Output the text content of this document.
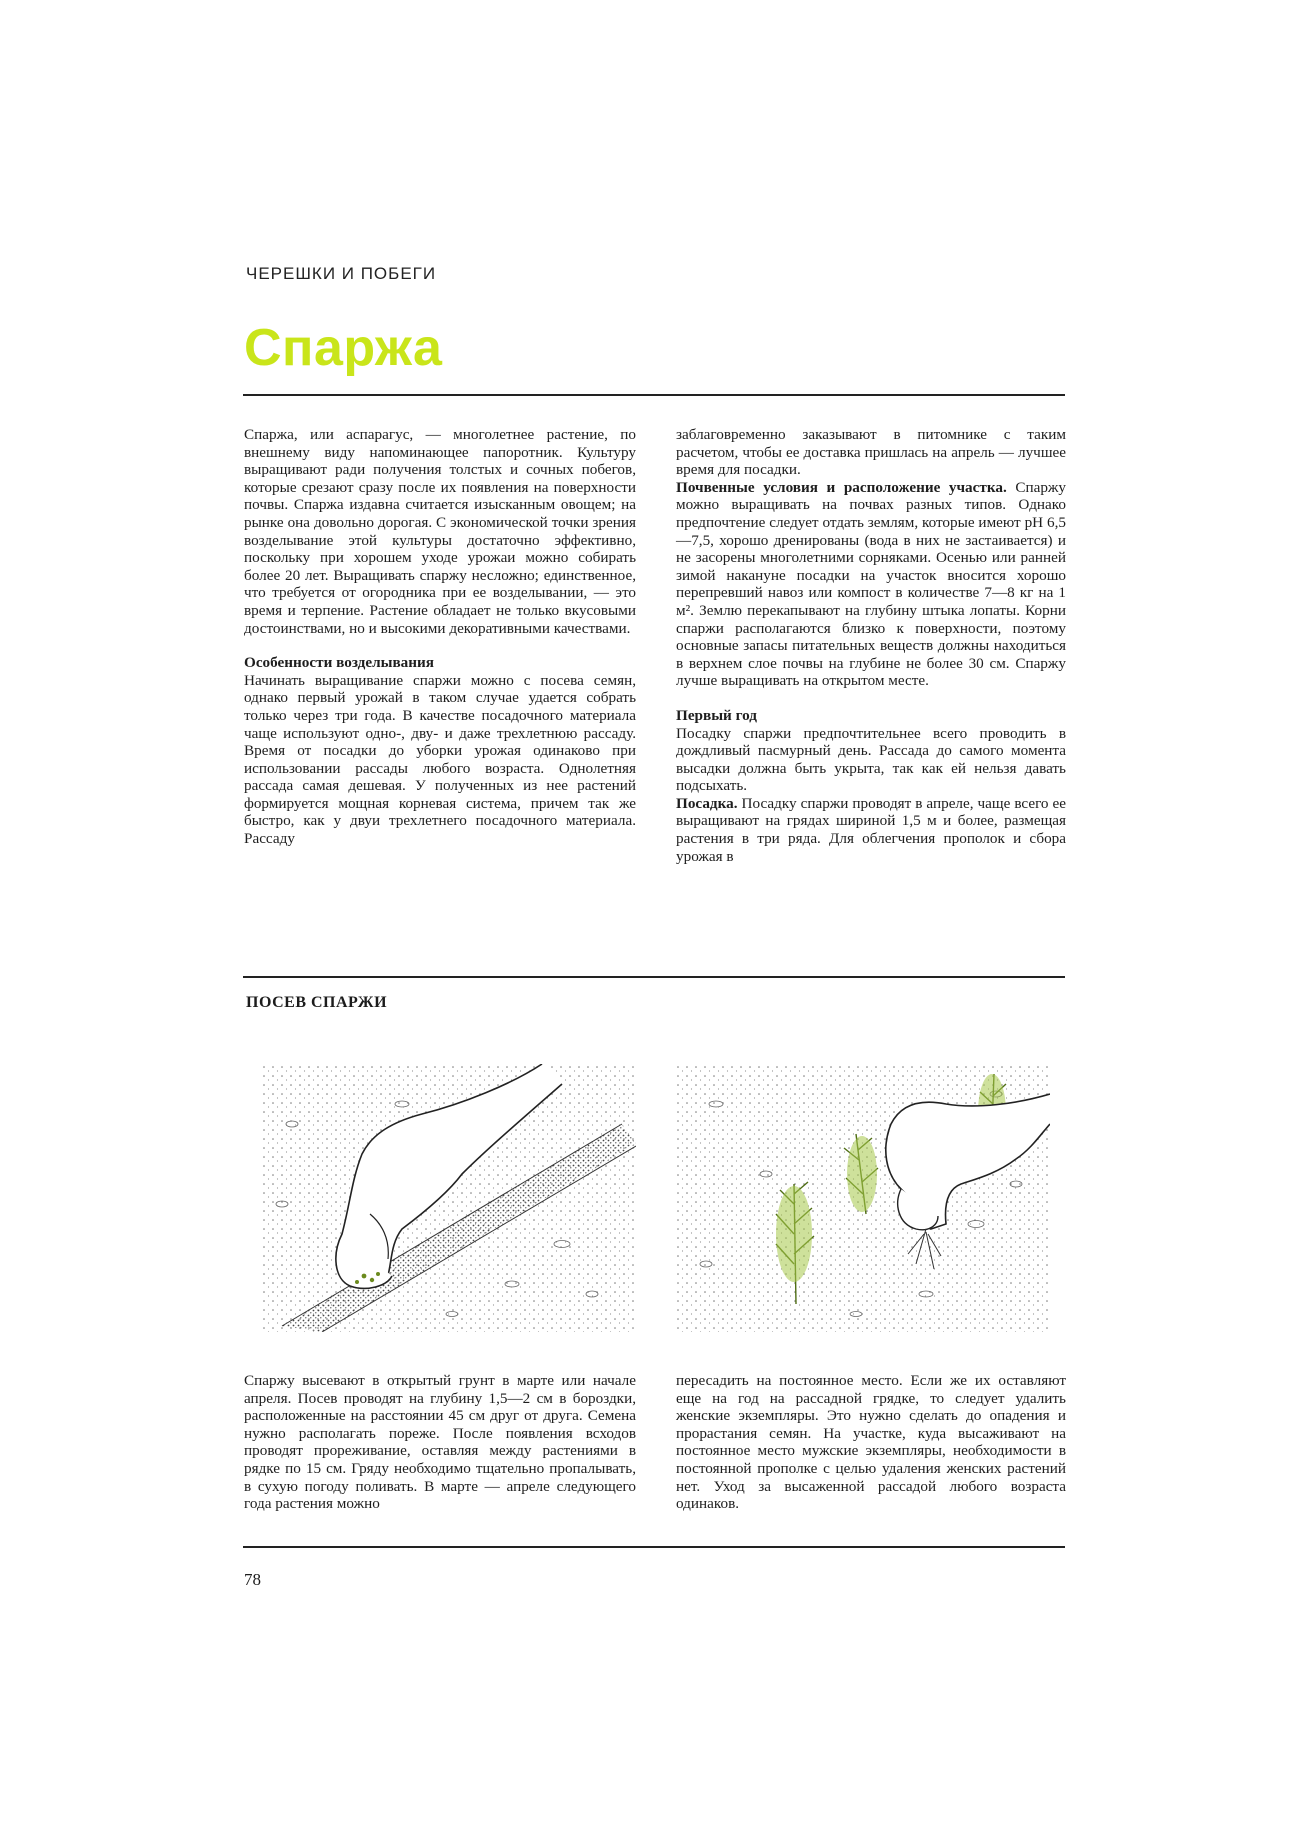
ЧЕРЕШКИ И ПОБЕГИ
Спаржа

Спаржа, или аспарагус, — многолетнее растение, по внешнему виду напоминающее папоротник. Культуру выращивают ради получения толстых и сочных побегов, которые срезают сразу после их появления на поверхности почвы. Спаржа издавна считается изысканным овощем; на рынке она довольно дорогая. С экономической точки зрения возделывание этой культуры достаточно эффективно, поскольку при хорошем уходе урожаи можно собирать более 20 лет. Выращивать спаржу несложно; единственное, что требуется от огородника при ее возделывании, — это время и терпение. Растение обладает не только вкусовыми достоинствами, но и высокими декоративными качествами.

Особенности возделывания

Начинать выращивание спаржи можно с посева семян, однако первый урожай в таком случае удается собрать только через три года. В качестве посадочного материала чаще используют одно-, дву- и даже трехлетнюю рассаду. Время от посадки до уборки урожая одинаково при использовании рассады любого возраста. Однолетняя рассада самая дешевая. У полученных из нее растений формируется мощная корневая система, причем так же быстро, как у двуи трехлетнего посадочного материала. Рассаду

заблаговременно заказывают в питомнике с таким расчетом, чтобы ее доставка пришлась на апрель — лучшее время для посадки.

Почвенные условия и расположение участка. Спаржу можно выращивать на почвах разных типов. Однако предпочтение следует отдать землям, которые имеют pH 6,5—7,5, хорошо дренированы (вода в них не застаивается) и не засорены многолетними сорняками. Осенью или ранней зимой накануне посадки на участок вносится хорошо перепревший навоз или компост в количестве 7—8 кг на 1 м². Землю перекапывают на глубину штыка лопаты. Корни спаржи располагаются близко к поверхности, поэтому основные запасы питательных веществ должны находиться в верхнем слое почвы на глубине не более 30 см. Спаржу лучше выращивать на открытом месте.

Первый год

Посадку спаржи предпочтительнее всего проводить в дождливый пасмурный день. Рассада до самого момента высадки должна быть укрыта, так как ей нельзя давать подсыхать.

Посадка. Посадку спаржи проводят в апреле, чаще всего ее выращивают на грядах шириной 1,5 м и более, размещая растения в три ряда. Для облегчения прополок и сбора урожая в

ПОСЕВ СПАРЖИ

Спаржу высевают в открытый грунт в марте или начале апреля. Посев проводят на глубину 1,5—2 см в бороздки, расположенные на расстоянии 45 см друг от друга. Семена нужно располагать пореже. После появления всходов проводят прореживание, оставляя между растениями в рядке по 15 см. Гряду необходимо тщательно пропалывать, в сухую погоду поливать. В марте — апреле следующего года растения можно

пересадить на постоянное место. Если же их оставляют еще на год на рассадной грядке, то следует удалить женские экземпляры. Это нужно сделать до опадения и прорастания семян. На участке, куда высаживают на постоянное место мужские экземпляры, необходимости в постоянной прополке с целью удаления женских растений нет. Уход за высаженной рассадой любого возраста одинаков.

78
